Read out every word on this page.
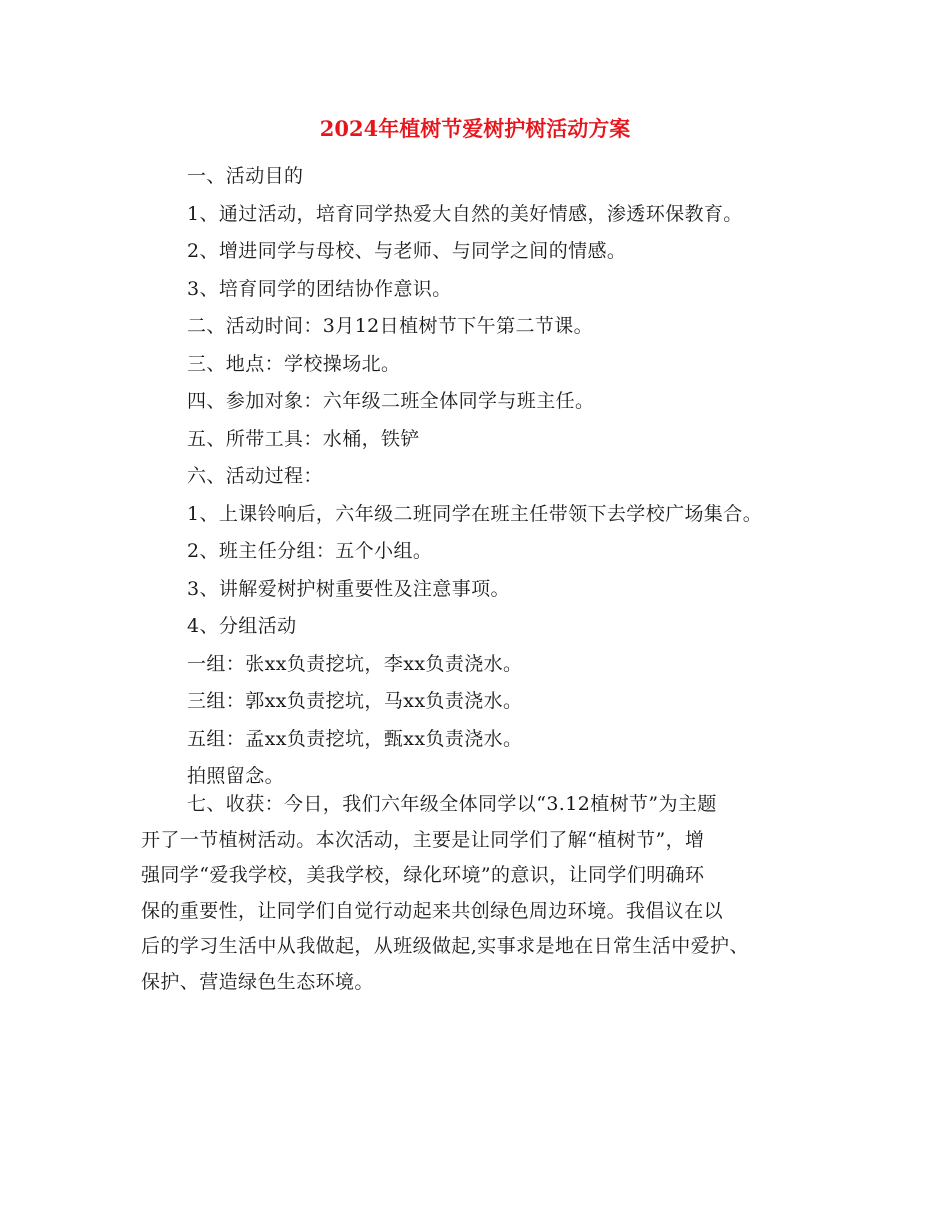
2024年植树节爱树护树活动方案
一、活动目的
1、通过活动，培育同学热爱大自然的美好情感，渗透环保教育。
2、增进同学与母校、与老师、与同学之间的情感。
3、培育同学的团结协作意识。
二、活动时间：3月12日植树节下午第二节课。
三、地点：学校操场北。
四、参加对象：六年级二班全体同学与班主任。
五、所带工具：水桶，铁铲
六、活动过程：
1、上课铃响后，六年级二班同学在班主任带领下去学校广场集合。
2、班主任分组：五个小组。
3、讲解爱树护树重要性及注意事项。
4、分组活动
一组：张xx负责挖坑，李xx负责浇水。
三组：郭xx负责挖坑，马xx负责浇水。
五组：孟xx负责挖坑，甄xx负责浇水。
拍照留念。
七、收获：今日，我们六年级全体同学以“3.12植树节”为主题
开了一节植树活动。本次活动，主要是让同学们了解“植树节”，增
强同学“爱我学校，美我学校，绿化环境”的意识，让同学们明确环
保的重要性，让同学们自觉行动起来共创绿色周边环境。我倡议在以
后的学习生活中从我做起，从班级做起,实事求是地在日常生活中爱护、
保护、营造绿色生态环境。
